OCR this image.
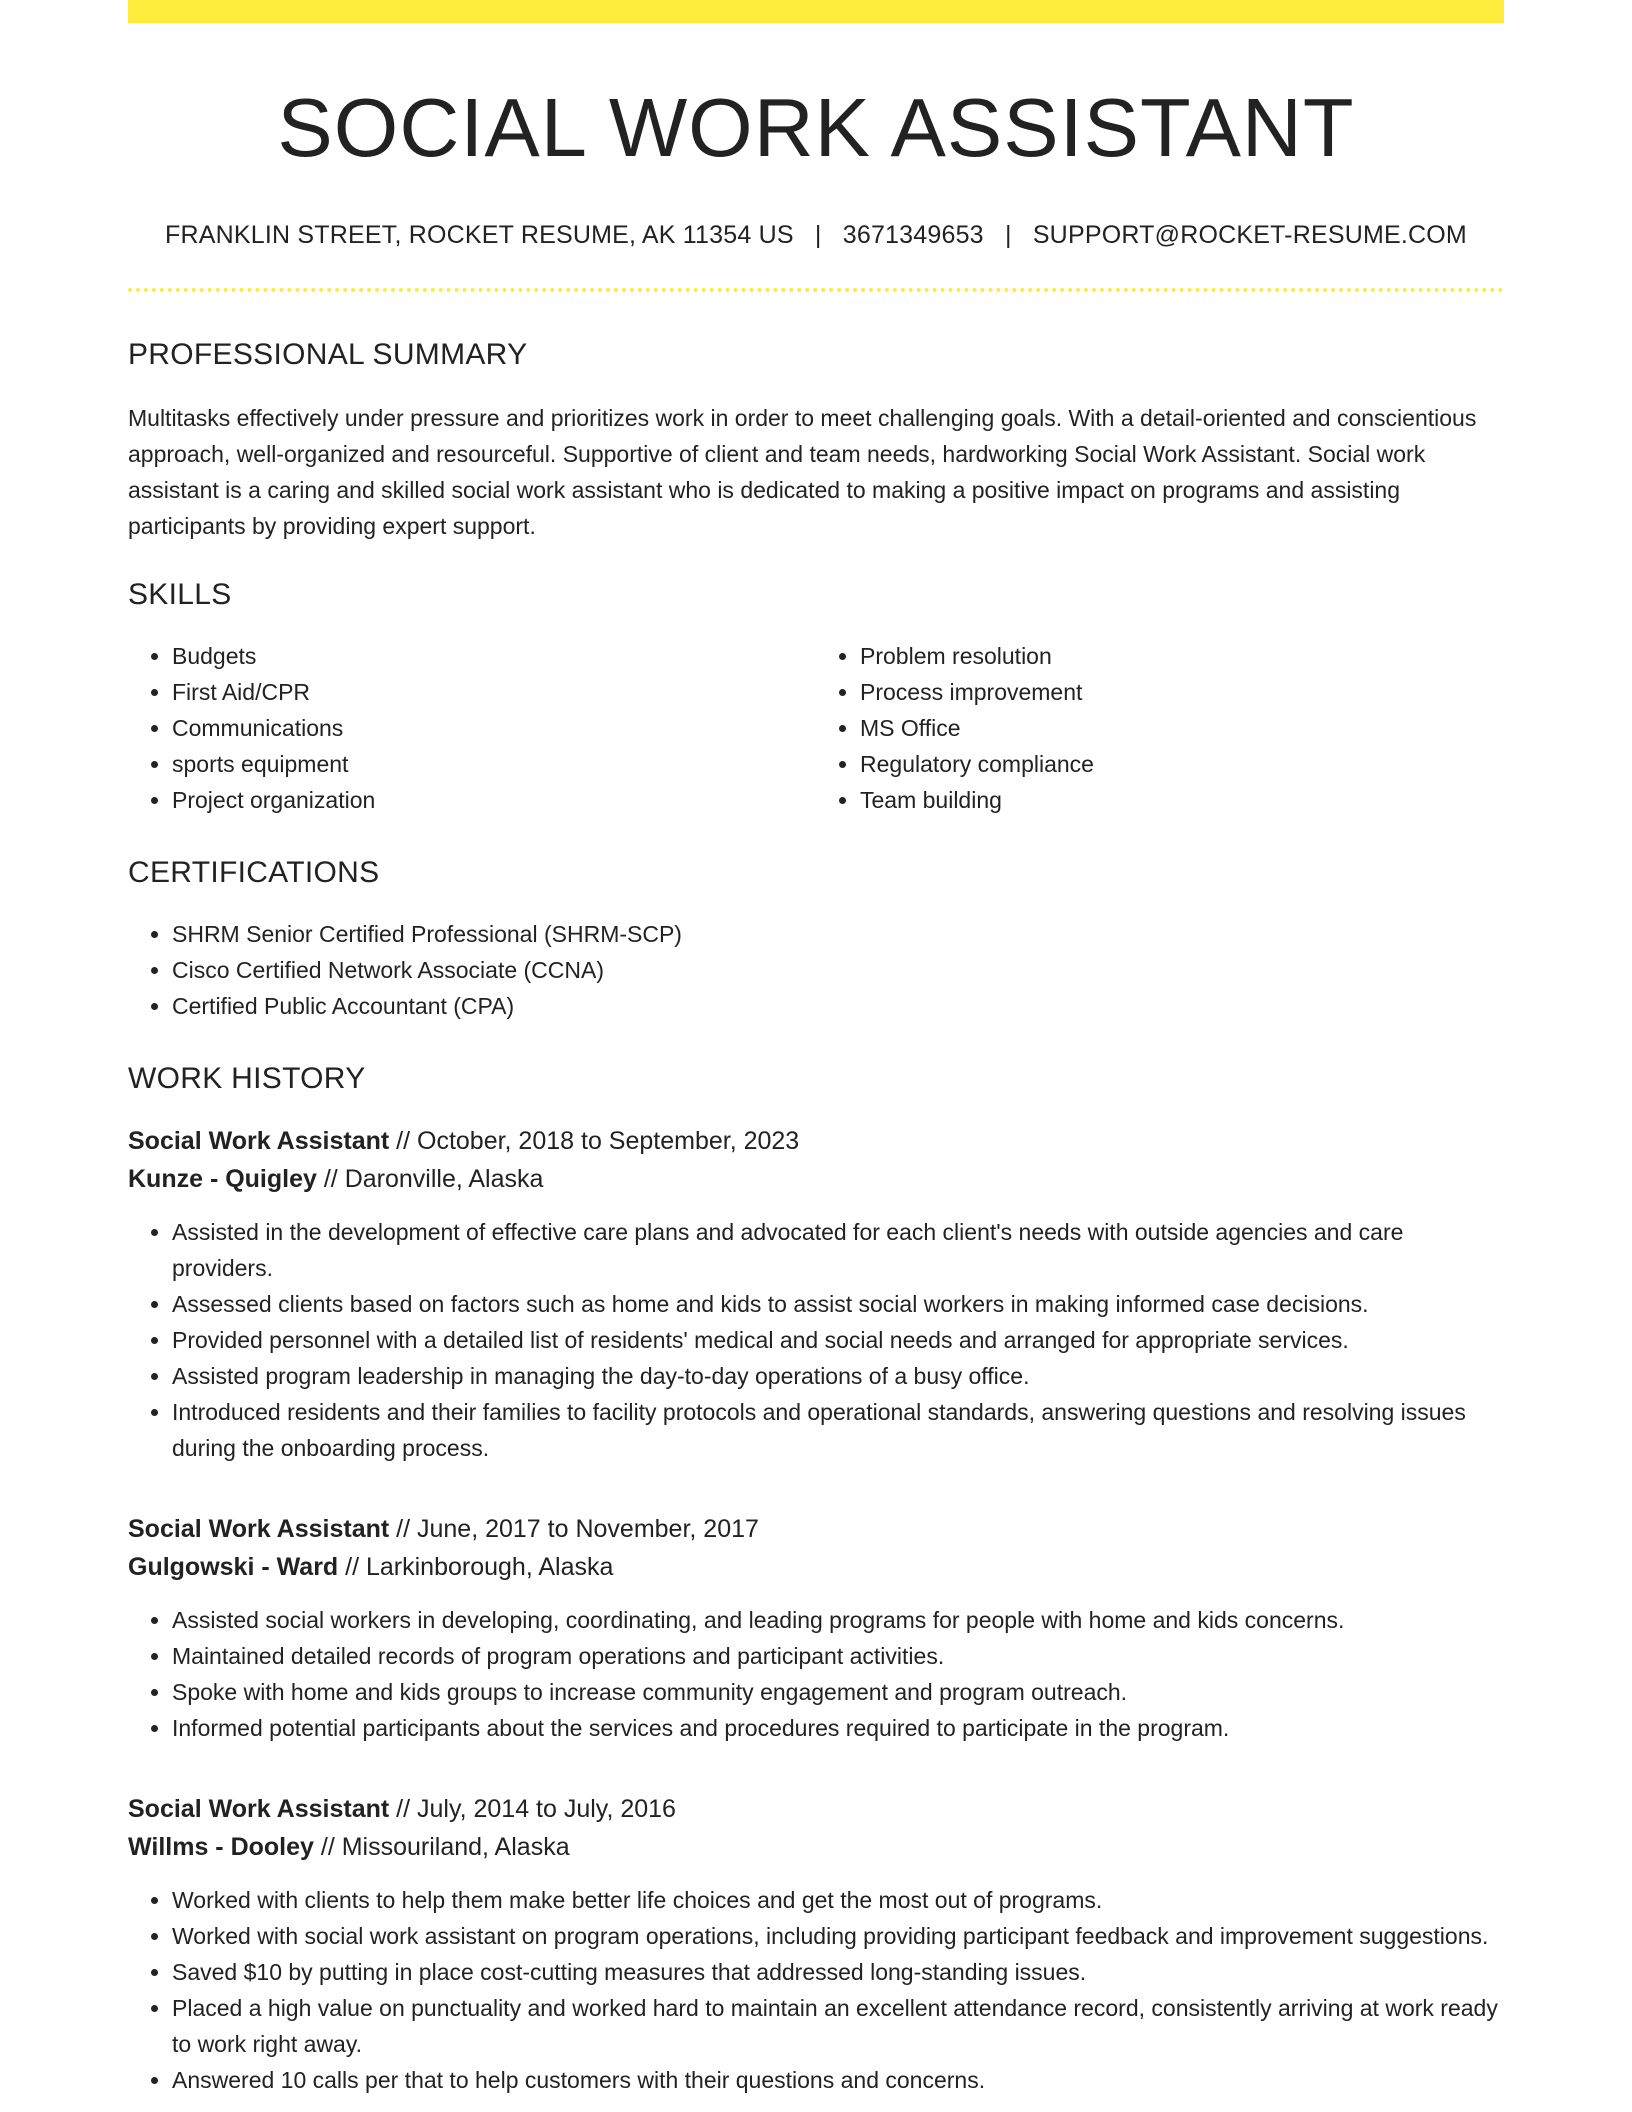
SOCIAL WORK ASSISTANT
FRANKLIN STREET, ROCKET RESUME, AK 11354 US | 3671349653 | SUPPORT@ROCKET-RESUME.COM
PROFESSIONAL SUMMARY

Multitasks effectively under pressure and prioritizes work in order to meet challenging goals. With a detail-oriented and conscientious approach, well-organized and resourceful. Supportive of client and team needs, hardworking Social Work Assistant. Social work assistant is a caring and skilled social work assistant who is dedicated to making a positive impact on programs and assisting participants by providing expert support.

SKILLS
• Budgets
• First Aid/CPR
• Communications
• sports equipment
• Project organization
• Problem resolution
• Process improvement
• MS Office
• Regulatory compliance
• Team building
CERTIFICATIONS
• SHRM Senior Certified Professional (SHRM-SCP)
• Cisco Certified Network Associate (CCNA)
• Certified Public Accountant (CPA)
WORK HISTORY
Social Work Assistant // October, 2018 to September, 2023
Kunze - Quigley // Daronville, Alaska
• Assisted in the development of effective care plans and advocated for each client's needs with outside agencies and care providers.
• Assessed clients based on factors such as home and kids to assist social workers in making informed case decisions.
• Provided personnel with a detailed list of residents' medical and social needs and arranged for appropriate services.
• Assisted program leadership in managing the day-to-day operations of a busy office.
• Introduced residents and their families to facility protocols and operational standards, answering questions and resolving issues during the onboarding process.
Social Work Assistant // June, 2017 to November, 2017
Gulgowski - Ward // Larkinborough, Alaska
• Assisted social workers in developing, coordinating, and leading programs for people with home and kids concerns.
• Maintained detailed records of program operations and participant activities.
• Spoke with home and kids groups to increase community engagement and program outreach.
• Informed potential participants about the services and procedures required to participate in the program.
Social Work Assistant // July, 2014 to July, 2016
Willms - Dooley // Missouriland, Alaska
• Worked with clients to help them make better life choices and get the most out of programs.
• Worked with social work assistant on program operations, including providing participant feedback and improvement suggestions.
• Saved $10 by putting in place cost-cutting measures that addressed long-standing issues.
• Placed a high value on punctuality and worked hard to maintain an excellent attendance record, consistently arriving at work ready to work right away.
• Answered 10 calls per that to help customers with their questions and concerns.
